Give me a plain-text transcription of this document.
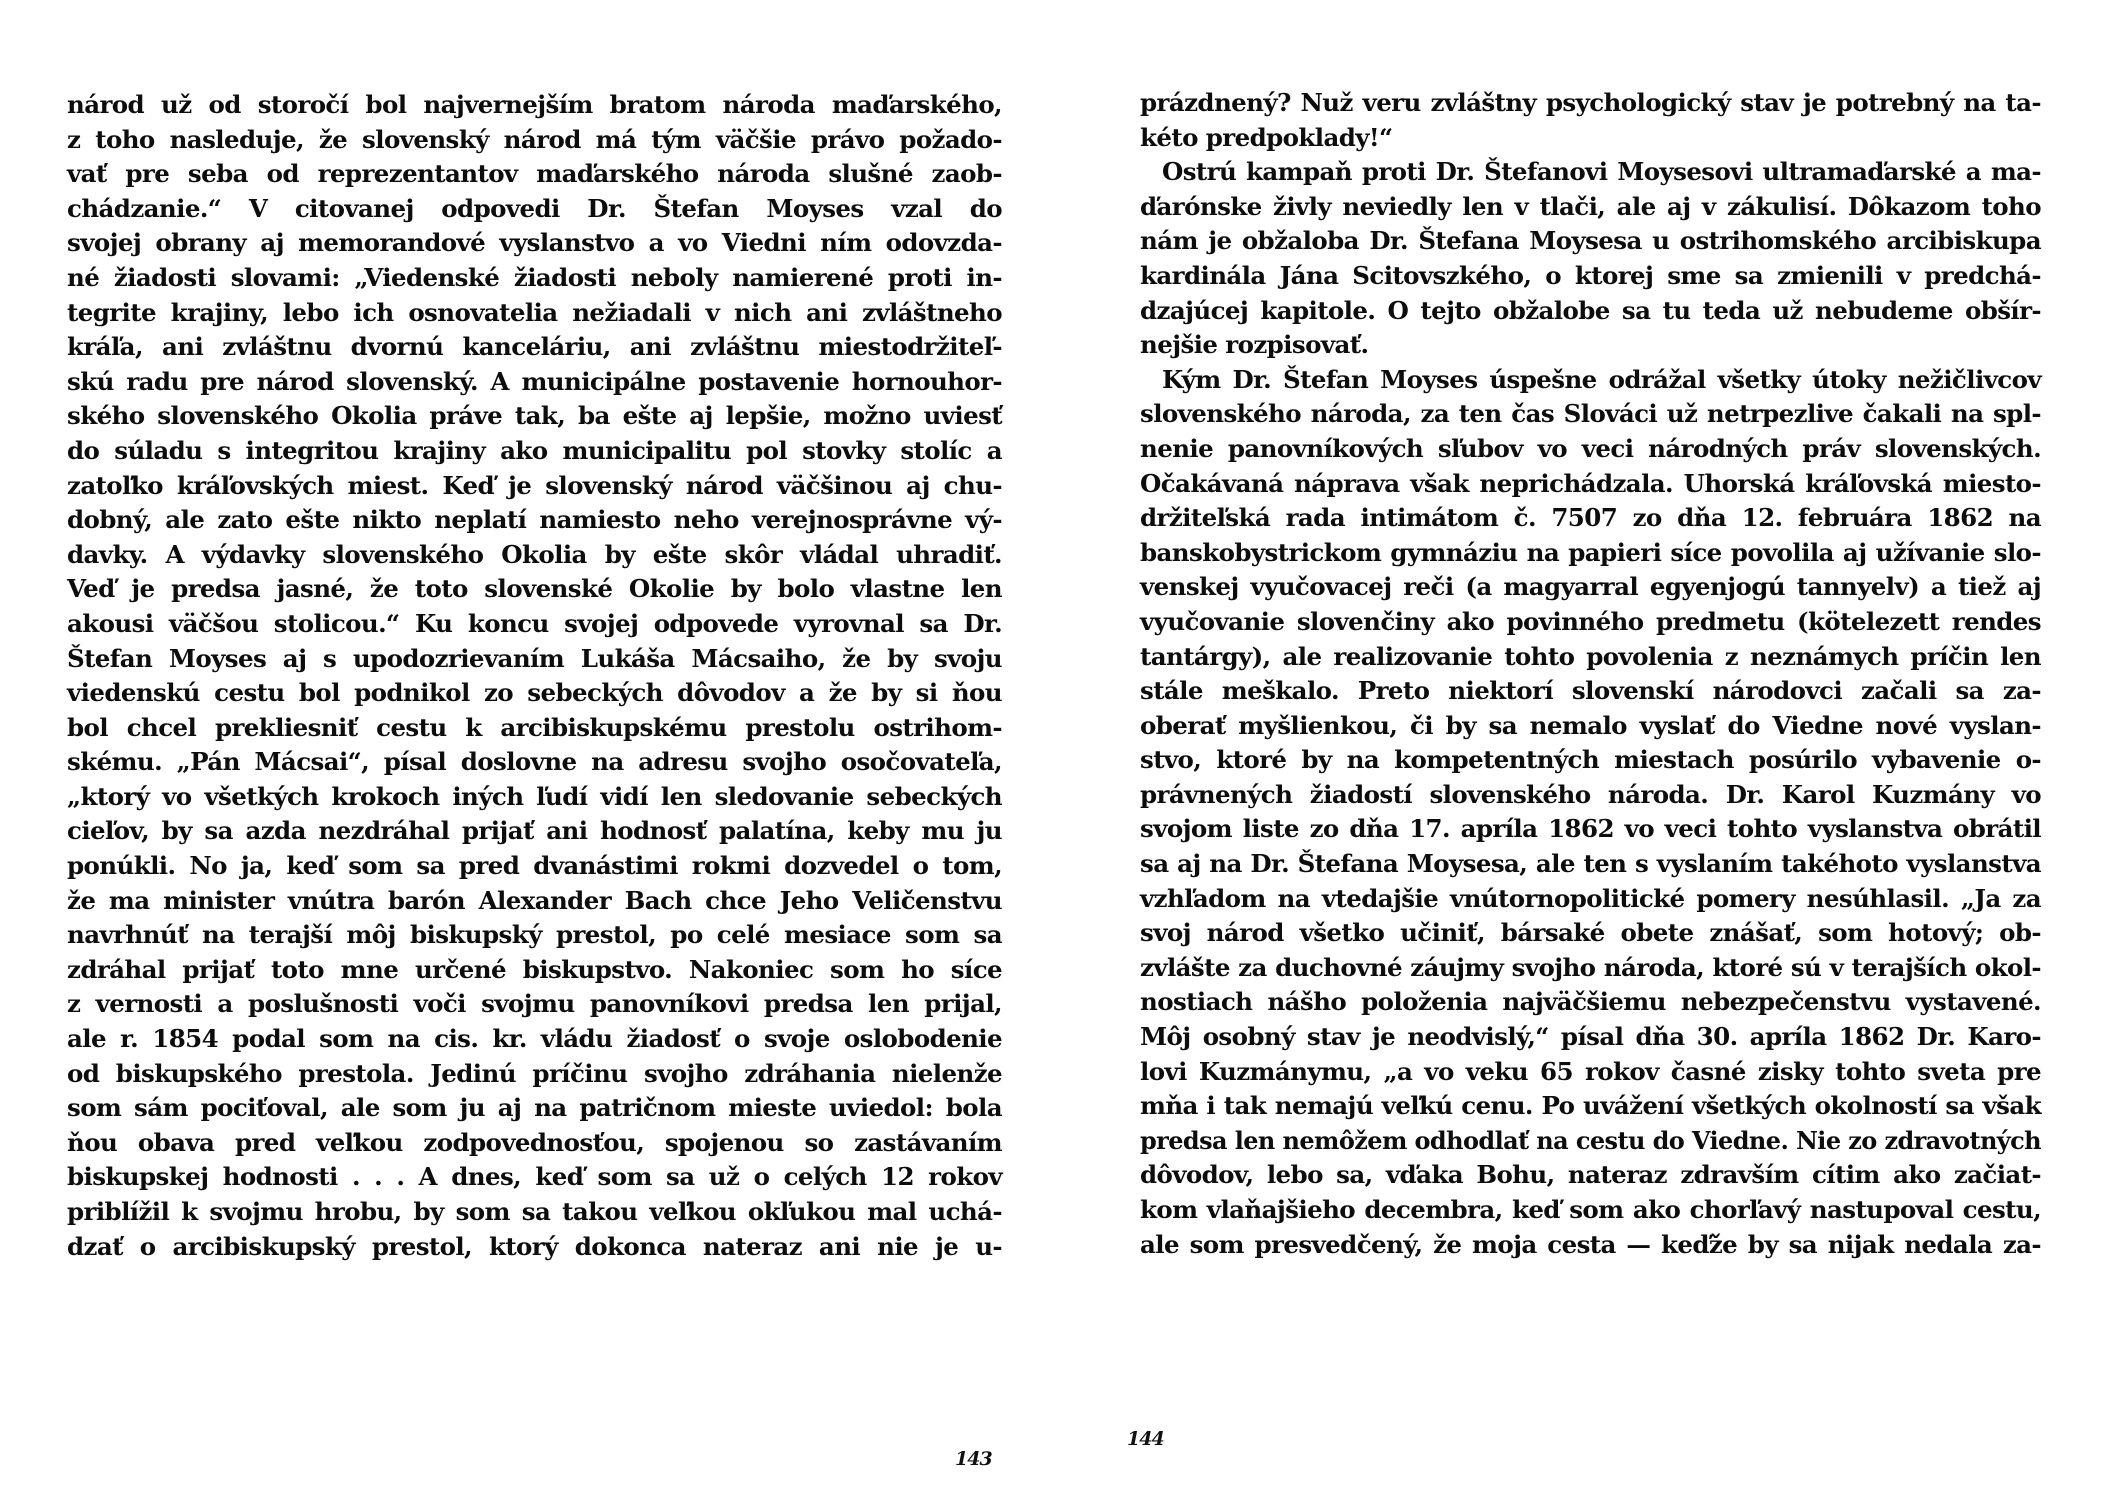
národ už od storočí bol najvernejším bratom národa maďarského,
z toho nasleduje, že slovenský národ má tým väčšie právo požado-
vať pre seba od reprezentantov maďarského národa slušné zaob-
chádzanie.“ V citovanej odpovedi Dr. Štefan Moyses vzal do
svojej obrany aj memorandové vyslanstvo a vo Viedni ním odovzda-
né žiadosti slovami: „Viedenské žiadosti neboly namierené proti in-
tegrite krajiny, lebo ich osnovatelia nežiadali v nich ani zvláštneho
kráľa, ani zvláštnu dvornú kanceláriu, ani zvláštnu miestodržiteľ-
skú radu pre národ slovenský. A municipálne postavenie hornouhor-
ského slovenského Okolia práve tak, ba ešte aj lepšie, možno uviesť
do súladu s integritou krajiny ako municipalitu pol stovky stolíc a
zatoľko kráľovských miest. Keď je slovenský národ väčšinou aj chu-
dobný, ale zato ešte nikto neplatí namiesto neho verejnosprávne vý-
davky. A výdavky slovenského Okolia by ešte skôr vládal uhradiť.
Veď je predsa jasné, že toto slovenské Okolie by bolo vlastne len
akousi väčšou stolicou.“ Ku koncu svojej odpovede vyrovnal sa Dr.
Štefan Moyses aj s upodozrievaním Lukáša Mácsaiho, že by svoju
viedenskú cestu bol podnikol zo sebeckých dôvodov a že by si ňou
bol chcel prekliesniť cestu k arcibiskupskému prestolu ostrihom-
skému. „Pán Mácsai“, písal doslovne na adresu svojho osočovateľa,
„ktorý vo všetkých krokoch iných ľudí vidí len sledovanie sebeckých
cieľov, by sa azda nezdráhal prijať ani hodnosť palatína, keby mu ju
ponúkli. No ja, keď som sa pred dvanástimi rokmi dozvedel o tom,
že ma minister vnútra barón Alexander Bach chce Jeho Veličenstvu
navrhnúť na terajší môj biskupský prestol, po celé mesiace som sa
zdráhal prijať toto mne určené biskupstvo. Nakoniec som ho síce
z vernosti a poslušnosti voči svojmu panovníkovi predsa len prijal,
ale r. 1854 podal som na cis. kr. vládu žiadosť o svoje oslobodenie
od biskupského prestola. Jedinú príčinu svojho zdráhania nielenže
som sám pociťoval, ale som ju aj na patričnom mieste uviedol: bola
ňou obava pred veľkou zodpovednosťou, spojenou so zastávaním
biskupskej hodnosti . . . A dnes, keď som sa už o celých 12 rokov
priblížil k svojmu hrobu, by som sa takou veľkou okľukou mal uchá-
dzať o arcibiskupský prestol, ktorý dokonca nateraz ani nie je u-
143
prázdnený? Nuž veru zvláštny psychologický stav je potrebný na ta-
kéto predpoklady!“
Ostrú kampaň proti Dr. Štefanovi Moysesovi ultramaďarské a ma-
ďarónske živly neviedly len v tlači, ale aj v zákulisí. Dôkazom toho
nám je obžaloba Dr. Štefana Moysesa u ostrihomského arcibiskupa
kardinála Jána Scitovszkého, o ktorej sme sa zmienili v predchá-
dzajúcej kapitole. O tejto obžalobe sa tu teda už nebudeme obšír-
nejšie rozpisovať.
Kým Dr. Štefan Moyses úspešne odrážal všetky útoky nežičlivcov
slovenského národa, za ten čas Slováci už netrpezlive čakali na spl-
nenie panovníkových sľubov vo veci národných práv slovenských.
Očakávaná náprava však neprichádzala. Uhorská kráľovská miesto-
držiteľská rada intimátom č. 7507 zo dňa 12. februára 1862 na
banskobystrickom gymnáziu na papieri síce povolila aj užívanie slo-
venskej vyučovacej reči (a magyarral egyenjogú tannyelv) a tiež aj
vyučovanie slovenčiny ako povinného predmetu (kötelezett rendes
tantárgy), ale realizovanie tohto povolenia z neznámych príčin len
stále meškalo. Preto niektorí slovenskí národovci začali sa za-
oberať myšlienkou, či by sa nemalo vyslať do Viedne nové vyslan-
stvo, ktoré by na kompetentných miestach posúrilo vybavenie o-
právnených žiadostí slovenského národa. Dr. Karol Kuzmány vo
svojom liste zo dňa 17. apríla 1862 vo veci tohto vyslanstva obrátil
sa aj na Dr. Štefana Moysesa, ale ten s vyslaním takéhoto vyslanstva
vzhľadom na vtedajšie vnútornopolitické pomery nesúhlasil. „Ja za
svoj národ všetko učiniť, bársaké obete znášať, som hotový; ob-
zvlášte za duchovné záujmy svojho národa, ktoré sú v terajších okol-
nostiach nášho položenia najväčšiemu nebezpečenstvu vystavené.
Môj osobný stav je neodvislý,“ písal dňa 30. apríla 1862 Dr. Karo-
lovi Kuzmánymu, „a vo veku 65 rokov časné zisky tohto sveta pre
mňa i tak nemajú veľkú cenu. Po uvážení všetkých okolností sa však
predsa len nemôžem odhodlať na cestu do Viedne. Nie zo zdravotných
dôvodov, lebo sa, vďaka Bohu, nateraz zdravším cítim ako začiat-
kom vlaňajšieho decembra, keď som ako chorľavý nastupoval cestu,
ale som presvedčený, že moja cesta — keďže by sa nijak nedala za-
144
